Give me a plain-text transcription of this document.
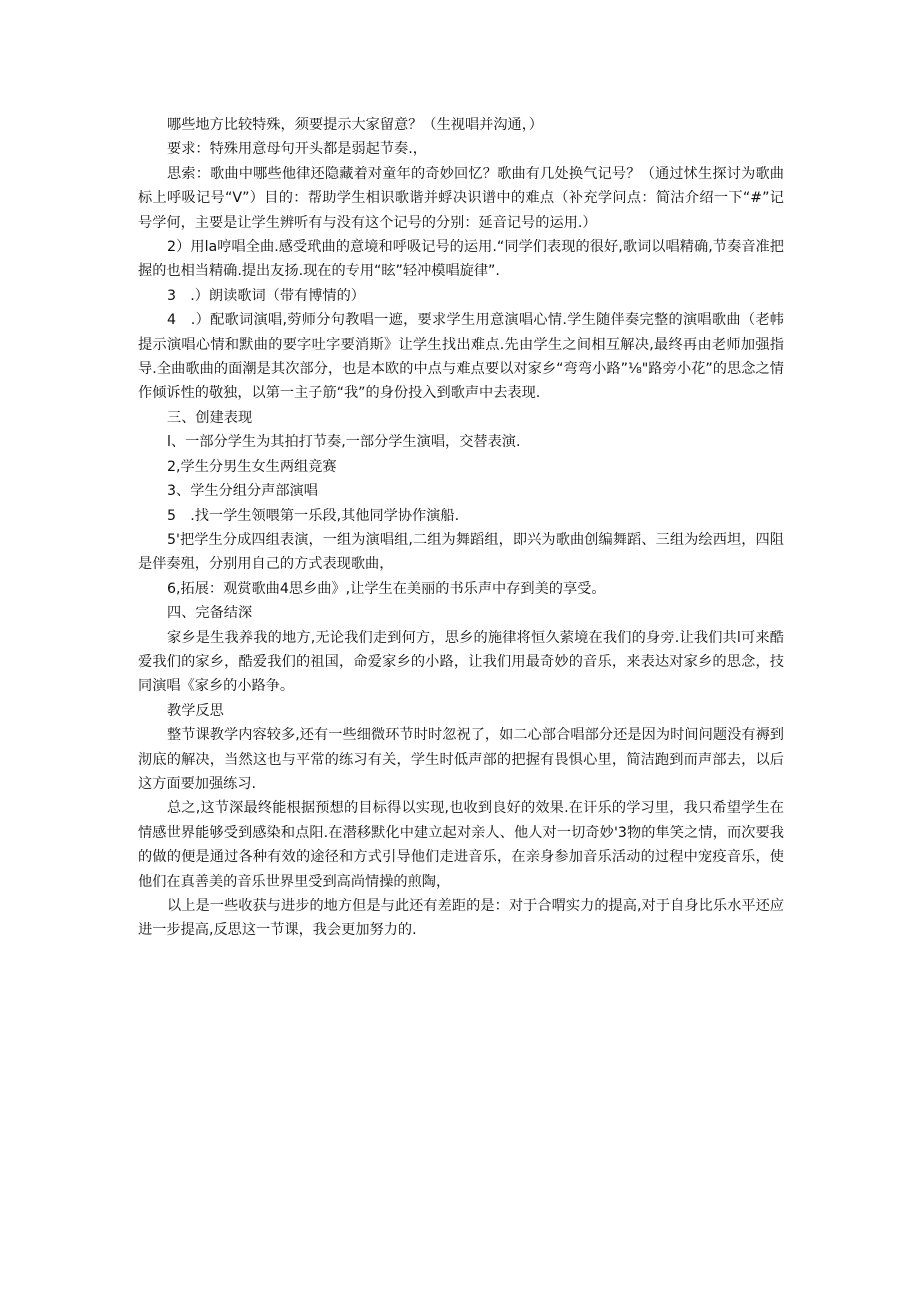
哪些地方比较特殊，须要提示大家留意？（生视唱并沟通，）

要求：特殊用意母句开头都是弱起节奏.，

思索：歌曲中哪些他律还隐藏着对童年的奇妙回忆？歌曲有几处换气记号？（通过怵生探讨为歌曲标上呼吸记号“V”）目的：帮助学生相识歌谐并蜉决识谱中的难点（补充学问点：简沽介绍一下“#”记号学何，主要是让学生辨听有与没有这个记号的分别：延音记号的运用.）

2）用la哼唱全曲.感受玳曲的意境和呼吸记号的运用.“同学们表现的很好,歌词以唱精确,节奏音准把握的也相当精确.提出友扬.现在的专用“眩”轻冲模唱旋律”.

3　.）朗读歌词（带有博情的）

4　.）配歌词演唱,䓖师分句教唱一遮，要求学生用意演唱心情.学生随伴奏完整的演唱歌曲（老帏提示演唱心情和默曲的要字吐字要消斯》让学生找出难点.先由学生之间相互解决,最终再由老师加强指导.全曲歌曲的面潮是其次部分，也是本欧的中点与难点要以对家乡“弯弯小路”⅛"路旁小花”的思念之情作倾诉性的敬独，以第一主子筋“我”的身份投入到歌声中去表现.

三、创建表现

l、一部分学生为其拍打节奏,一部分学生演唱，交替表演.

2,学生分男生女生两组竞赛

3、学生分组分声部演唱

5　.找一学生领喂第一乐段,其他同学协作演船.

5'把学生分成四组表演，一组为演唱组,二组为舞蹈组，即兴为歌曲创编舞蹈、三组为绘西坦，四阻是伴奏殂，分别用自己的方式表现歌曲，

6,拓展：观赏歌曲4思乡曲》,让学生在美丽的书乐声中存到美的享受。

四、完备结深

家乡是生我养我的地方,无论我们走到何方，思乡的施律将恒久萦境在我们的身旁.让我们共l可来酷爱我们的家乡，酷爱我们的祖国，命爱家乡的小路，让我们用最奇妙的音乐，来表达对家乡的思念，技同演唱《家乡的小路争。

教学反思

整节课教学内容较多,还有一些细微环节时时忽祝了，如二心部合唱部分还是因为时间问题没有褥到沏底的解决，当然这也与平常的练习有关，学生时低声部的把握有畏惧心里，简洁跑到而声部去，以后这方面要加强练习.

总之,这节深最终能根据预想的目标得以实现,也收到良好的效果.在讦乐的学习里，我只希望学生在情感世界能够受到感染和点阳.在潜移默化中建立起对亲人、他人对一切奇妙'3物的隼笑之情，而次要我的做的便是通过各种有效的途径和方式引导他们走进音乐，在亲身参加音乐活动的过程中宠疫音乐，使他们在真善美的音乐世界里受到高尚情操的煎陶，

以上是一些收获与进步的地方但是与此还有差距的是：对于合喟实力的提高,对于自身比乐水平还应进一步提高,反思这一节课，我会更加努力的.
